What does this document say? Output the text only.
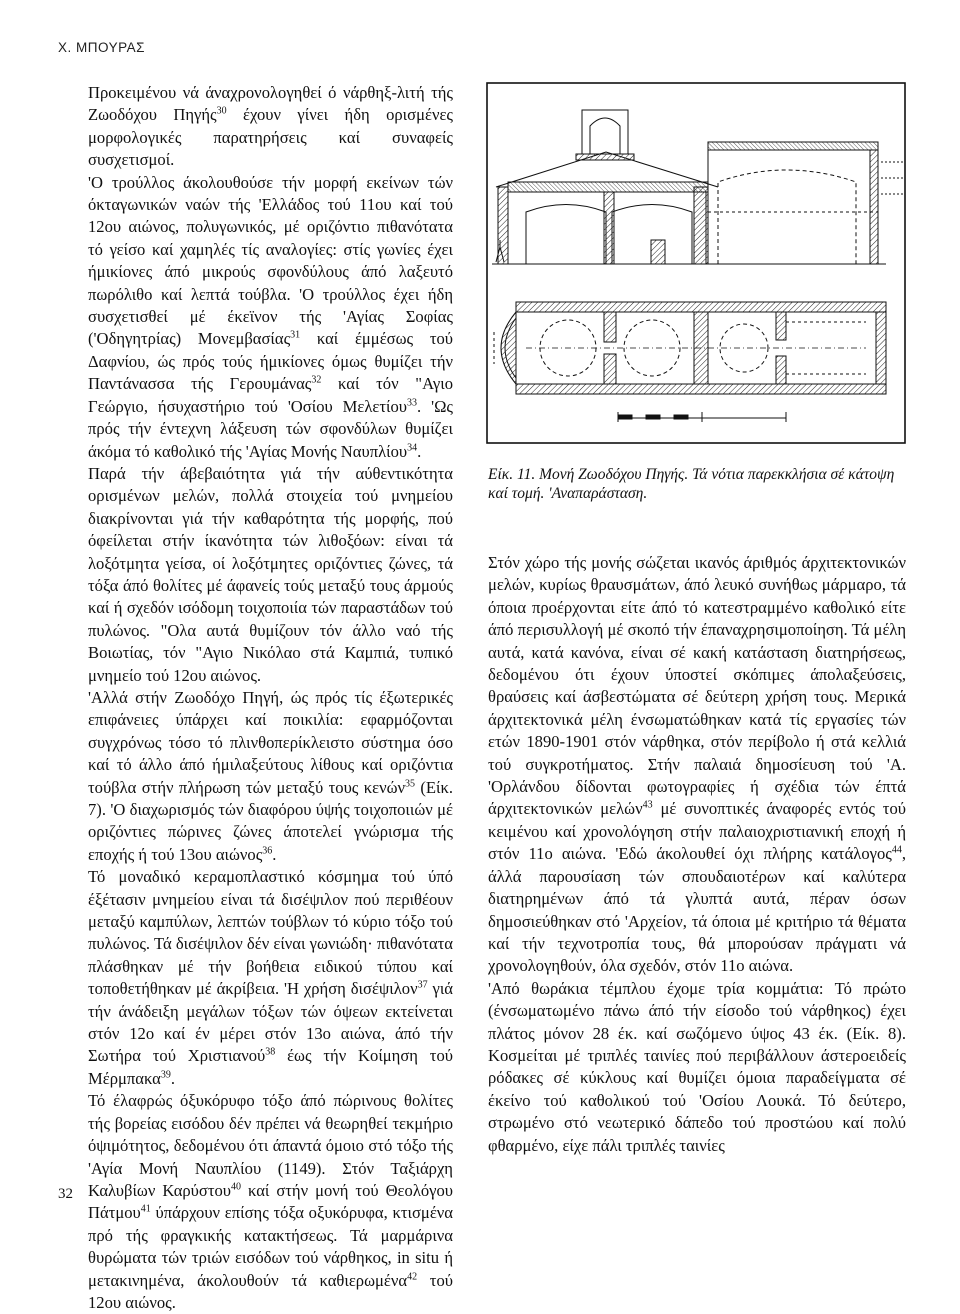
Χ. ΜΠΟΥΡΑΣ

Προκειμένου νά άναχρονολογηθεί ό νάρθηξ-λιτή τής Ζωοδόχου Πηγής$^{30}$ έχουν γίνει ήδη ορισμένες μορφολογικές παρατηρήσεις καί συναφείς συσχετισμοί.

'Ο τρούλλος άκολουθούσε τήν μορφή εκείνων τών όκταγωνικών ναών τής 'Ελλάδος τού 11ου καί τού 12ου αιώνος, πολυγωνικός, μέ οριζόντιο πιθανότατα τό γείσο καί χαμηλές τίς αναλογίες: στίς γωνίες έχει ήμικίονες άπό μικρούς σφονδύλους άπό λαξευτό πωρόλιθο καί λεπτά τούβλα. 'Ο τρούλλος έχει ήδη συσχετισθεί μέ έκεϊνον τής 'Αγίας Σοφίας ('Οδηγητρίας) Μονεμβασίας$^{31}$ καί έμμέσως τού Δαφνίου, ώς πρός τούς ήμικίονες όμως θυμίζει τήν Παντάνασσα τής Γερουμάνας$^{32}$ καί τόν "Αγιο Γεώργιο, ήσυχαστήριο τού 'Οσίου Μελετίου$^{33}$. 'Ως πρός τήν έντεχνη λάξευση τών σφονδύλων θυμίζει άκόμα τό καθολικό τής 'Αγίας Μονής Ναυπλίου$^{34}$.

Παρά τήν άβεβαιότητα γιά τήν αύθεντικότητα ορισμένων μελών, πολλά στοιχεία τού μνημείου διακρίνονται γιά τήν καθαρότητα τής μορφής, πού όφείλεται στήν ίκανότητα τών λιθοξόων: είναι τά λοξότμητα γείσα, οί λοξότμητες οριζόντιες ζώνες, τά τόξα άπό θολίτες μέ άφανείς τούς μεταξύ τους άρμούς καί ή σχεδόν ισόδομη τοιχοποιία τών παραστάδων τού πυλώνος. "Ολα αυτά θυμίζουν τόν άλλο ναό τής Βοιωτίας, τόν "Αγιο Νικόλαο στά Καμπιά, τυπικό μνημείο τού 12ου αιώνος.

'Αλλά στήν Ζωοδόχο Πηγή, ώς πρός τίς έξωτερικές επιφάνειες ύπάρχει καί ποικιλία: εφαρμόζονται συγχρόνως τόσο τό πλινθοπερίκλειστο σύστημα όσο καί τό άλλο άπό ήμιλαξεύτους λίθους καί οριζόντια τούβλα στήν πλήρωση τών μεταξύ τους κενών$^{35}$ (Είκ. 7). 'Ο διαχωρισμός τών διαφόρου ύψής τοιχοποιιών μέ οριζόντιες πώρινες ζώνες άποτελεί γνώρισμα τής εποχής ή τού 13ου αιώνος$^{36}$.

Τό μοναδικό κεραμοπλαστικό κόσμημα τού ύπό έξέτασιν μνημείου είναι τά δισέψιλον πού περιθέουν μεταξύ καμπύλων, λεπτών τούβλων τό κύριο τόξο τού πυλώνος. Τά δισέψιλον δέν είναι γωνιώδη· πιθανότατα πλάσθηκαν μέ τήν βοήθεια ειδικού τύπου καί τοποθετήθηκαν μέ άκρίβεια. 'Η χρήση δισέψιλον$^{37}$ γιά τήν άνάδειξη μεγάλων τόξων τών όψεων εκτείνεται στόν 12ο καί έν μέρει στόν 13ο αιώνα, άπό τήν Σωτήρα τού Χριστιανού$^{38}$ έως τήν Κοίμηση τού Μέρμπακα$^{39}$.

Τό έλαφρώς όξυκόρυφο τόξο άπό πώρινους θολίτες τής βορείας εισόδου δέν πρέπει νά θεωρηθεί τεκμήριο όψιμότητος, δεδομένου ότι άπαντά όμοιο στό τόξο τής 'Αγία Μονή Ναυπλίου (1149). Στόν Ταξιάρχη Καλυβίων Καρύστου$^{40}$ καί στήν μονή τού Θεολόγου Πάτμου$^{41}$ ύπάρχουν επίσης τόξα οξυκόρυφα, κτισμένα πρό τής φραγκικής κατακτήσεως. Τά μαρμάρινα θυρώματα τών τριών εισόδων τού νάρθηκος, in situ ή μετακινημένα, άκολουθούν τά καθιερωμένα$^{42}$ τού 12ου αιώνος.

Είκ. 11. Μονή Ζωοδόχου Πηγής. Τά νότια παρεκκλήσια σέ κάτοψη καί τομή. 'Αναπαράσταση.

Στόν χώρο τής μονής σώζεται ικανός άριθμός άρχιτεκτονικών μελών, κυρίως θραυσμάτων, άπό λευκό συνήθως μάρμαρο, τά όποια προέρχονται είτε άπό τό κατεστραμμένο καθολικό είτε άπό περισυλλογή μέ σκοπό τήν έπαναχρησιμοποίηση. Τά μέλη αυτά, κατά κανόνα, είναι σέ κακή κατάσταση διατηρήσεως, δεδομένου ότι έχουν ύποστεί σκόπιμες άπολαξεύσεις, θραύσεις καί άσβεστώματα σέ δεύτερη χρήση τους. Μερικά άρχιτεκτονικά μέλη ένσωματώθηκαν κατά τίς εργασίες τών ετών 1890-1901 στόν νάρθηκα, στόν περίβολο ή στά κελλιά τού συγκροτήματος. Στήν παλαιά δημοσίευση τού 'Α. 'Ορλάνδου δίδονται φωτογραφίες ή σχέδια τών έπτά άρχιτεκτονικών μελών$^{43}$ μέ συνοπτικές άναφορές εντός τού κειμένου καί χρονολόγηση στήν παλαιοχριστιανική εποχή ή στόν 11ο αιώνα. 'Εδώ άκολουθεί όχι πλήρης κατάλογος$^{44}$, άλλά παρουσίαση τών σπουδαιοτέρων καί καλύτερα διατηρημένων άπό τά γλυπτά αυτά, πέραν όσων δημοσιεύθηκαν στό 'Αρχείον, τά όποια μέ κριτήριο τά θέματα καί τήν τεχνοτροπία τους, θά μπορούσαν πράγματι νά χρονολογηθούν, όλα σχεδόν, στόν 11ο αιώνα.

'Από θωράκια τέμπλου έχομε τρία κομμάτια: Τό πρώτο (ένσωματωμένο πάνω άπό τήν είσοδο τού νάρθηκος) έχει πλάτος μόνον 28 έκ. καί σωζόμενο ύψος 43 έκ. (Είκ. 8). Κοσμείται μέ τριπλές ταινίες πού περιβάλλουν άστεροειδείς ρόδακες σέ κύκλους καί θυμίζει όμοια παραδείγματα σέ έκείνο τού καθολικού τού 'Οσίου Λουκά. Τό δεύτερο, στρωμένο στό νεωτερικό δάπεδο τού προστώου καί πολύ φθαρμένο, είχε πάλι τριπλές ταινίες

32
